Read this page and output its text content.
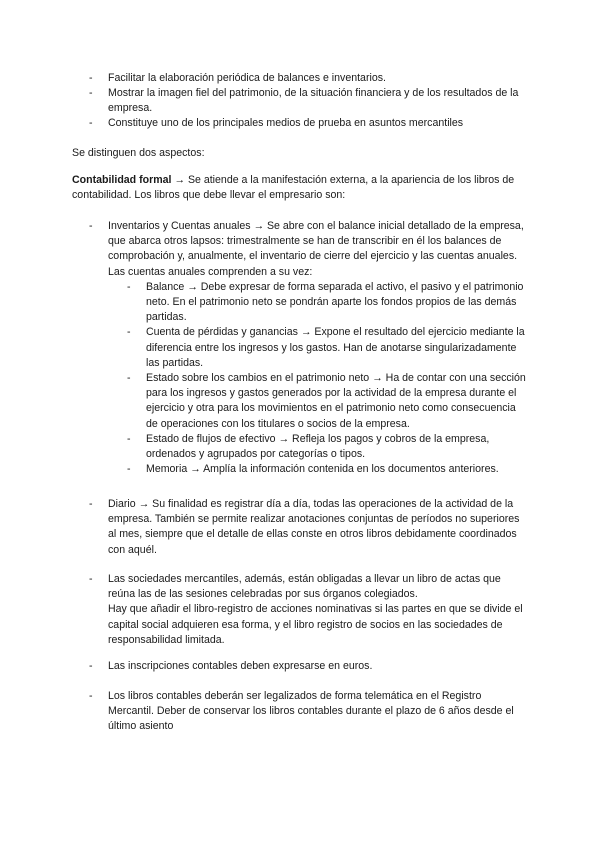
- Facilitar la elaboración periódica de balances e inventarios.

- Mostrar la imagen fiel del patrimonio, de la situación financiera y de los resultados de la empresa.

- Constituye uno de los principales medios de prueba en asuntos mercantiles

Se distinguen dos aspectos:

Contabilidad formal → Se atiende a la manifestación externa, a la apariencia de los libros de contabilidad. Los libros que debe llevar el empresario son:

- Inventarios y Cuentas anuales → Se abre con el balance inicial detallado de la empresa, que abarca otros lapsos: trimestralmente se han de transcribir en él los balances de comprobación y, anualmente, el inventario de cierre del ejercicio y las cuentas anuales.

Las cuentas anuales comprenden a su vez:

- Balance → Debe expresar de forma separada el activo, el pasivo y el patrimonio neto. En el patrimonio neto se pondrán aparte los fondos propios de las demás partidas.

- Cuenta de pérdidas y ganancias → Expone el resultado del ejercicio mediante la diferencia entre los ingresos y los gastos. Han de anotarse singularizadamente las partidas.

- Estado sobre los cambios en el patrimonio neto → Ha de contar con una sección para los ingresos y gastos generados por la actividad de la empresa durante el ejercicio y otra para los movimientos en el patrimonio neto como consecuencia de operaciones con los titulares o socios de la empresa.

- Estado de flujos de efectivo → Refleja los pagos y cobros de la empresa, ordenados y agrupados por categorías o tipos.

- Memoria → Amplía la información contenida en los documentos anteriores.

- Diario → Su finalidad es registrar día a día, todas las operaciones de la actividad de la empresa. También se permite realizar anotaciones conjuntas de períodos no superiores al mes, siempre que el detalle de ellas conste en otros libros debidamente coordinados con aquél.

- Las sociedades mercantiles, además, están obligadas a llevar un libro de actas que reúna las de las sesiones celebradas por sus órganos colegiados.

Hay que añadir el libro-registro de acciones nominativas si las partes en que se divide el capital social adquieren esa forma, y el libro registro de socios en las sociedades de responsabilidad limitada.

- Las inscripciones contables deben expresarse en euros.

- Los libros contables deberán ser legalizados de forma telemática en el Registro Mercantil. Deber de conservar los libros contables durante el plazo de 6 años desde el último asiento
